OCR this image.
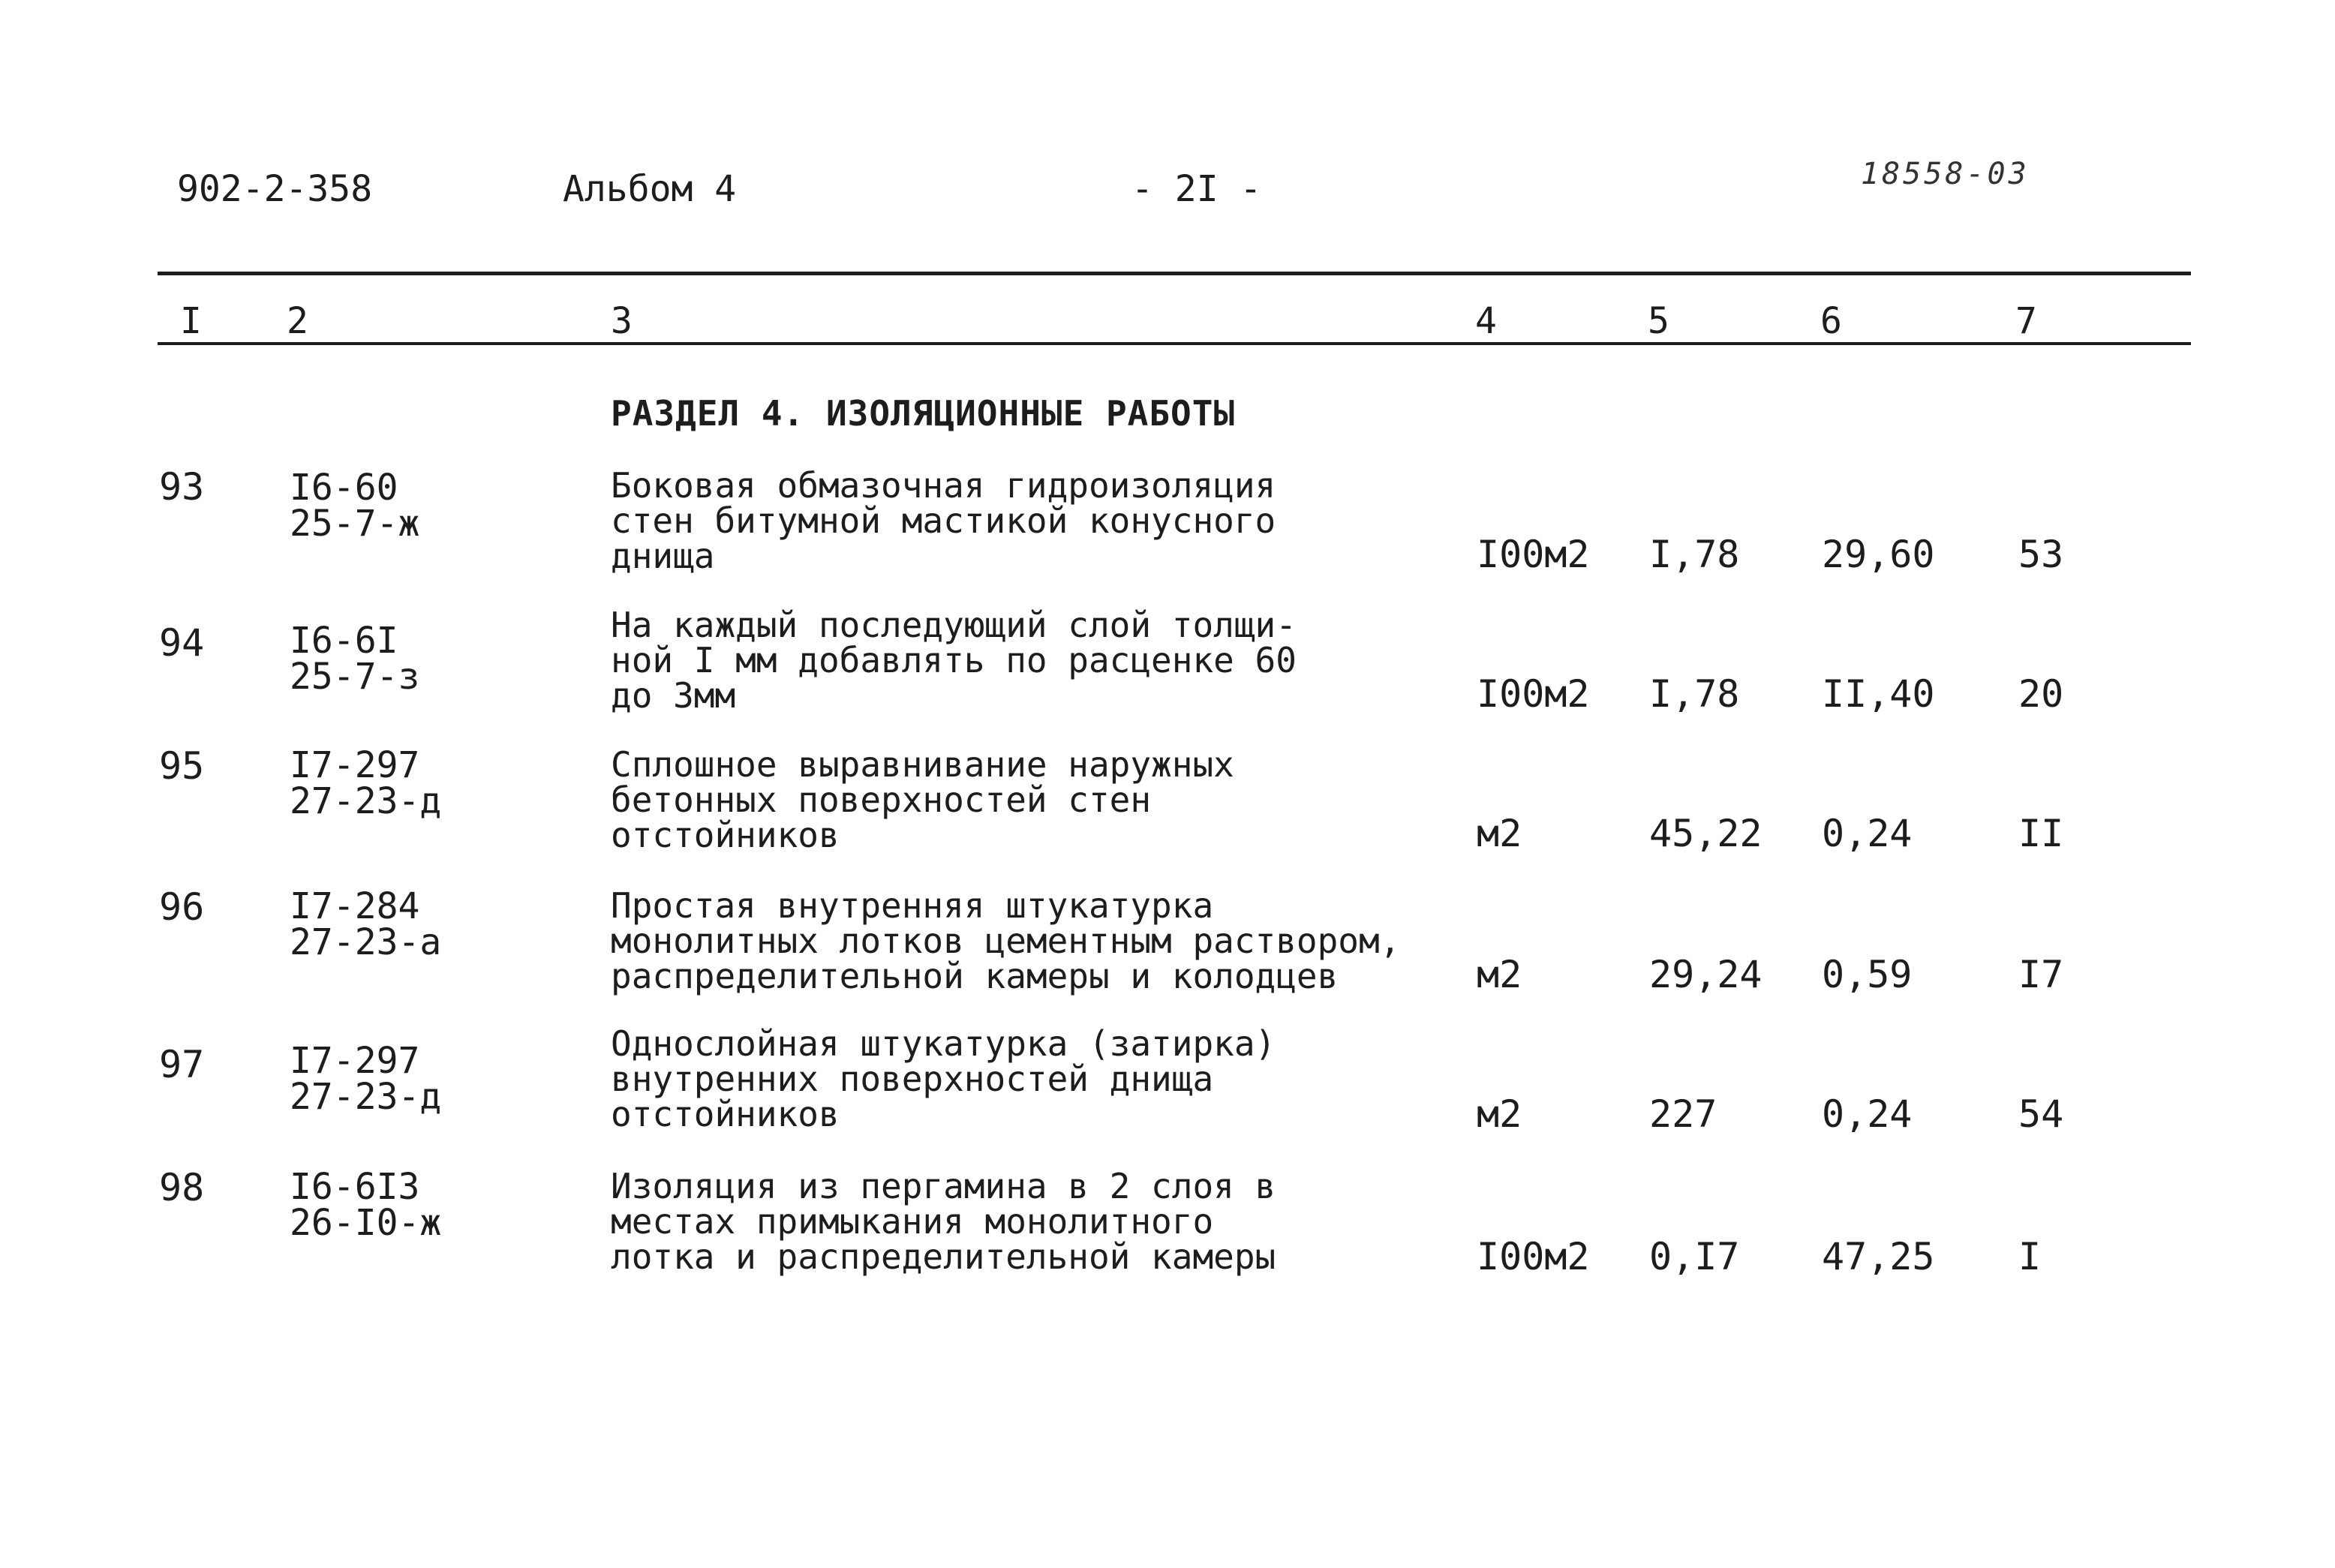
902-2-358	Альбом 4	- 2I -	18558-03
I 2	3	4	5	6	7
РАЗДЕЛ 4. ИЗОЛЯЦИОННЫЕ РАБОТЫ
93 I6-60
25-7-ж
Боковая обмазочная гидроизоляция
стен битумной мастикой конусного
днища	I00м2 I,78 29,60 53
94 I6-6I
25-7-з
На каждый последующий слой толщи-
ной I мм добавлять по расценке 60
до 3мм	I00м2 I,78 II,40 20
95 I7-297
27-23-д
Сплошное выравнивание наружных
бетонных поверхностей стен
отстойников	м2	45,22 0,24	II
96 I7-284
27-23-а
Простая внутренняя штукатурка
монолитных лотков цементным раствором,
распределительной камеры и колодцев	м2	29,24 0,59	I7
97 I7-297
27-23-д
Однослойная штукатурка (затирка)
внутренних поверхностей днища
отстойников	м2	227	0,24	54
98 I6-6I3
26-I0-ж
Изоляция из пергамина в 2 слоя в
местах примыкания монолитного
лотка и распределительной камеры	I00м2 0,I7 47,25 I
